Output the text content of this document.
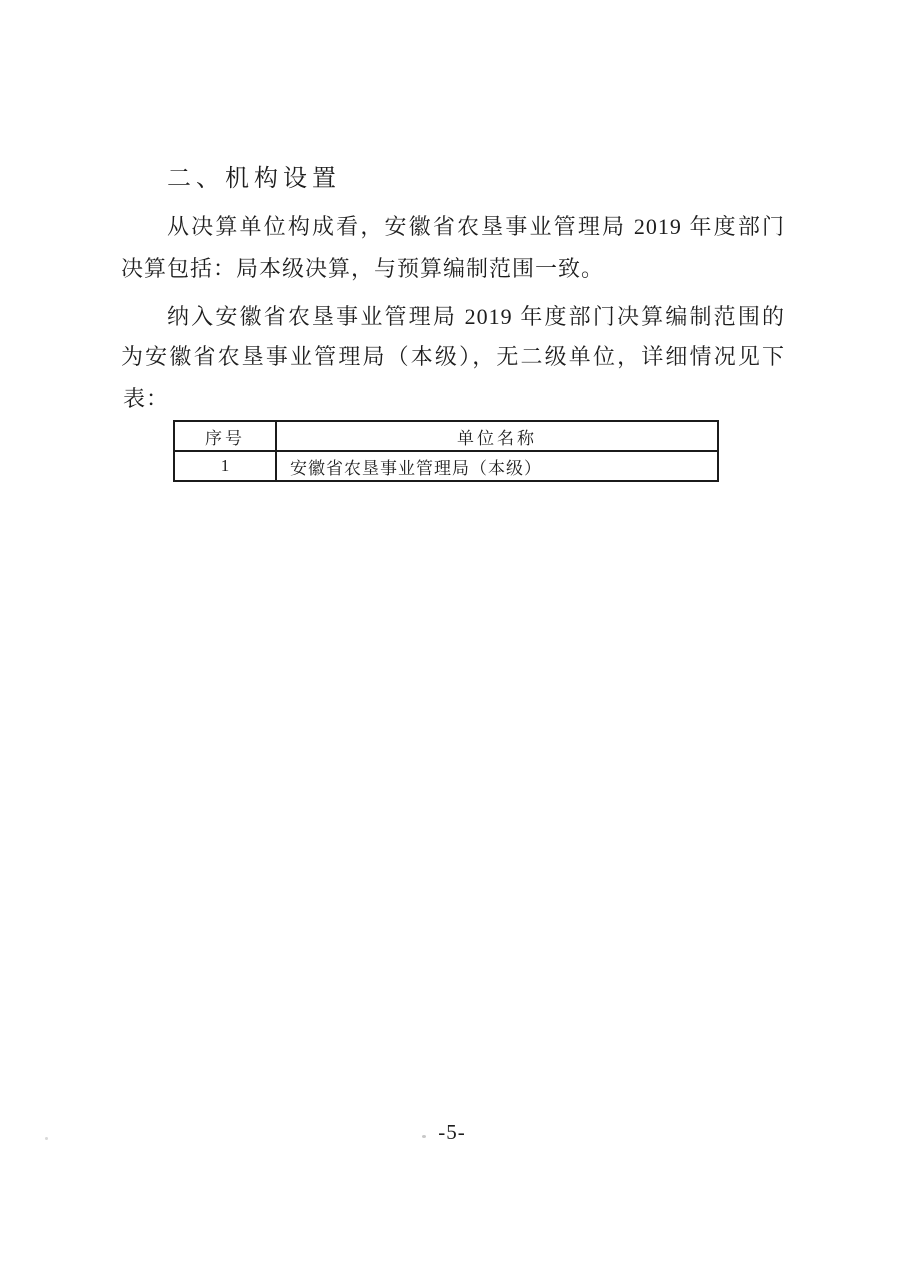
二、机构设置
从决算单位构成看，安徽省农垦事业管理局 2019 年度部门
决算包括：局本级决算，与预算编制范围一致。
纳入安徽省农垦事业管理局 2019 年度部门决算编制范围的
为安徽省农垦事业管理局（本级），无二级单位，详细情况见下
表：
序号	单位名称
1	安徽省农垦事业管理局（本级）
-5-
